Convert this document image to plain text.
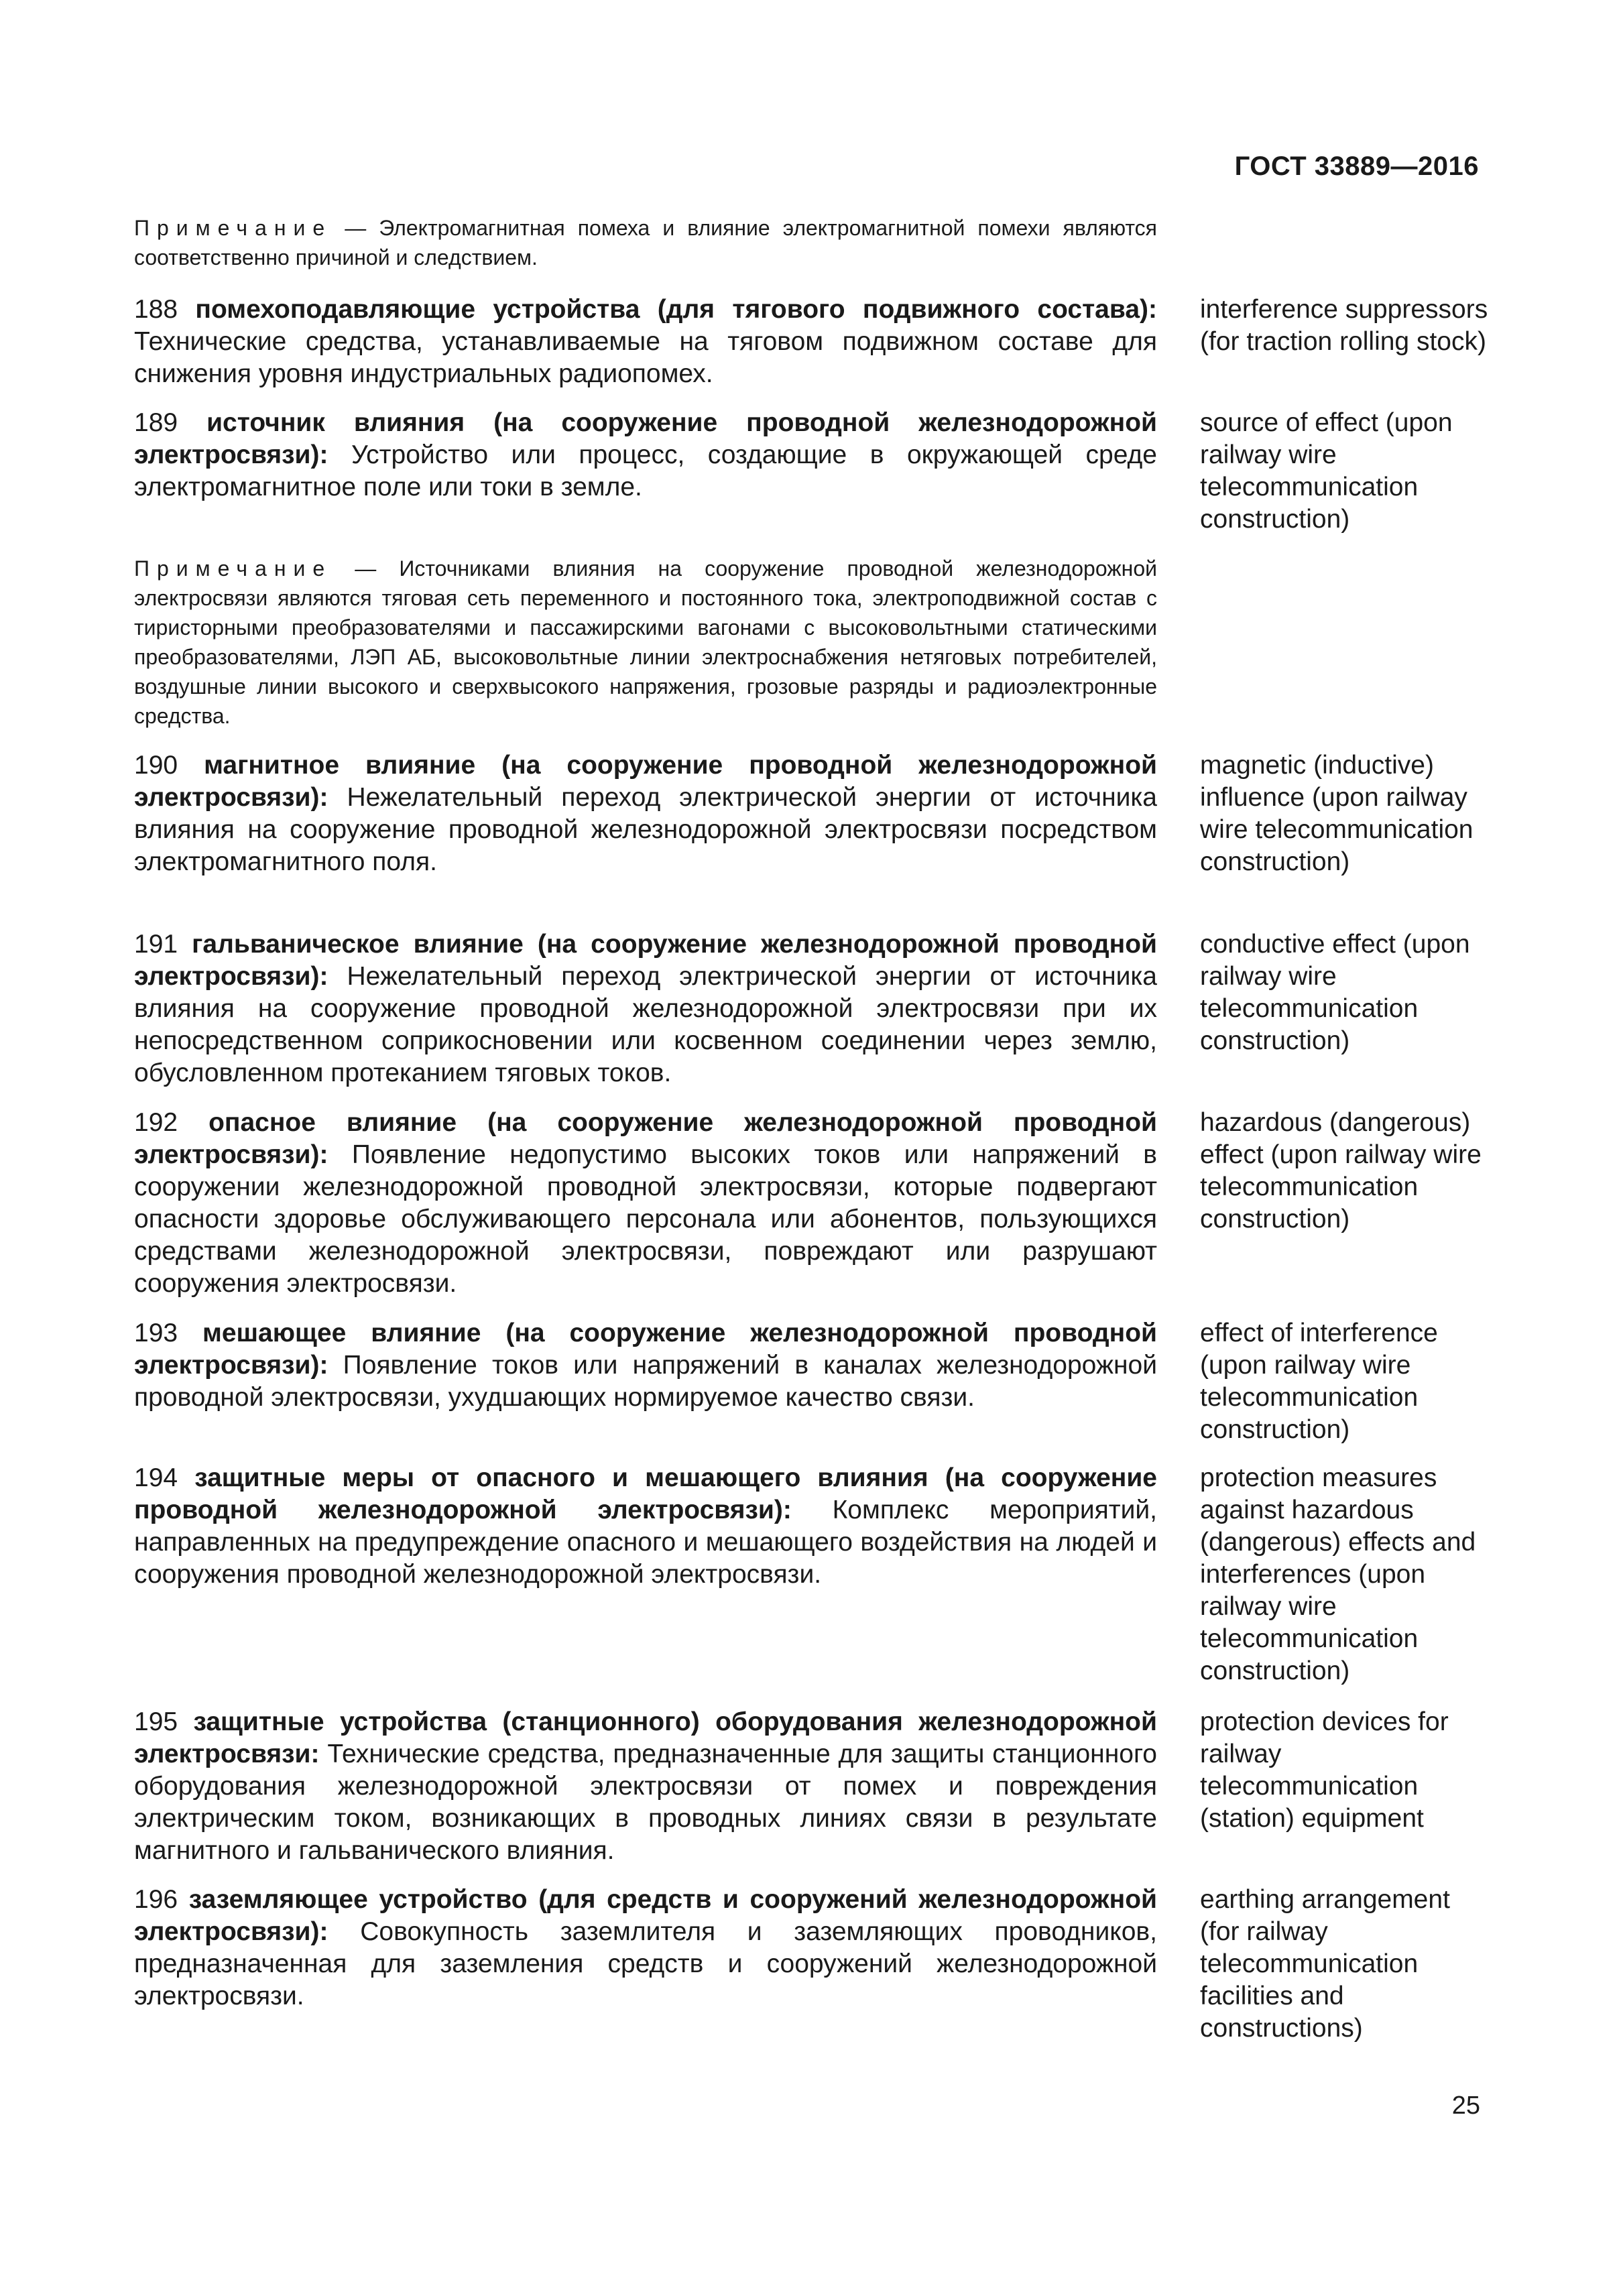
ГОСТ 33889—2016
Примечание — Электромагнитная помеха и влияние электромагнитной помехи являются соответственно причиной и следствием.
188 помехоподавляющие устройства (для тягового подвижного состава): Технические средства, устанавливаемые на тяговом подвижном составе для снижения уровня индустриальных радиопомех.
interference suppressors (for traction rolling stock)
189 источник влияния (на сооружение проводной железнодорожной электросвязи): Устройство или процесс, создающие в окружающей среде электромагнитное поле или токи в земле.
source of effect (upon railway wire telecommunication construction)
Примечание — Источниками влияния на сооружение проводной железнодорожной электросвязи являются тяговая сеть переменного и постоянного тока, электроподвижной состав с тиристорными преобразователями и пассажирскими вагонами с высоковольтными статическими преобразователями, ЛЭП АБ, высоковольтные линии электроснабжения нетяговых потребителей, воздушные линии высокого и сверхвысокого напряжения, грозовые разряды и радиоэлектронные средства.
190 магнитное влияние (на сооружение проводной железнодорожной электросвязи): Нежелательный переход электрической энергии от источника влияния на сооружение проводной железнодорожной электросвязи посредством электромагнитного поля.
magnetic (inductive) influence (upon railway wire telecommunication construction)
191 гальваническое влияние (на сооружение железнодорожной проводной электросвязи): Нежелательный переход электрической энергии от источника влияния на сооружение проводной железнодорожной электросвязи при их непосредственном соприкосновении или косвенном соединении через землю, обусловленном протеканием тяговых токов.
conductive effect (upon railway wire telecommunication construction)
192 опасное влияние (на сооружение железнодорожной проводной электросвязи): Появление недопустимо высоких токов или напряжений в сооружении железнодорожной проводной электросвязи, которые подвергают опасности здоровье обслуживающего персонала или абонентов, пользующихся средствами железнодорожной электросвязи, повреждают или разрушают сооружения электросвязи.
hazardous (dangerous) effect (upon railway wire telecommunication construction)
193 мешающее влияние (на сооружение железнодорожной проводной электросвязи): Появление токов или напряжений в каналах железнодорожной проводной электросвязи, ухудшающих нормируемое качество связи.
effect of interference (upon railway wire telecommunication construction)
194 защитные меры от опасного и мешающего влияния (на сооружение проводной железнодорожной электросвязи): Комплекс мероприятий, направленных на предупреждение опасного и мешающего воздействия на людей и сооружения проводной железнодорожной электросвязи.
protection measures against hazardous (dangerous) effects and interferences (upon railway wire telecommunication construction)
195 защитные устройства (станционного) оборудования железнодорожной электросвязи: Технические средства, предназначенные для защиты станционного оборудования железнодорожной электросвязи от помех и повреждения электрическим током, возникающих в проводных линиях связи в результате магнитного и гальванического влияния.
protection devices for railway telecommunication (station) equipment
196 заземляющее устройство (для средств и сооружений железнодорожной электросвязи): Совокупность заземлителя и заземляющих проводников, предназначенная для заземления средств и сооружений железнодорожной электросвязи.
earthing arrangement (for railway telecommunication facilities and constructions)
25
